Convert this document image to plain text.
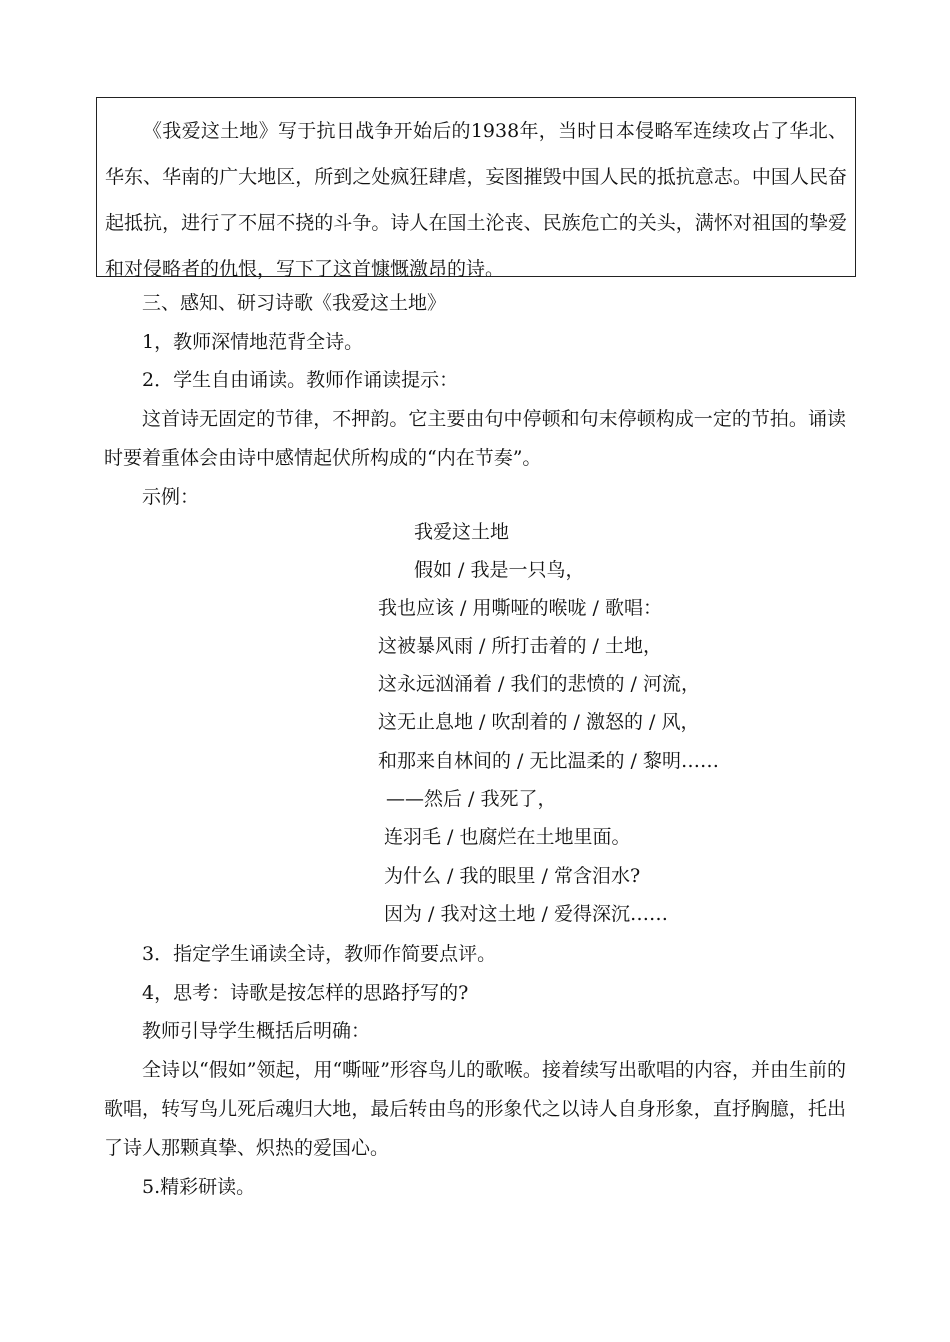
《我爱这土地》写于抗日战争开始后的1938年，当时日本侵略军连续攻占了华北、华东、华南的广大地区，所到之处疯狂肆虐，妄图摧毁中国人民的抵抗意志。中国人民奋 起抵抗，进行了不屈不挠的斗争。诗人在国土沦丧、民族危亡的关头，满怀对祖国的挚爱和对侵略者的仇恨，写下了这首慷慨激昂的诗。

三、感知、研习诗歌《我爱这土地》

1，教师深情地范背全诗。

2．学生自由诵读。教师作诵读提示：

这首诗无固定的节律，不押韵。它主要由句中停顿和句末停顿构成一定的节拍。诵读时要着重体会由诗中感情起伏所构成的“内在节奏”。

示例：

我爱这土地
假如 / 我是一只鸟，
我也应该 / 用嘶哑的喉咙 / 歌唱：
这被暴风雨 / 所打击着的 / 土地，
这永远汹涌着 / 我们的悲愤的 / 河流，
这无止息地 / 吹刮着的 / 激怒的 / 风，
和那来自林间的 / 无比温柔的 / 黎明……
——然后 / 我死了，
连羽毛 / 也腐烂在土地里面。
为什么 / 我的眼里 / 常含泪水?
因为 / 我对这土地 / 爱得深沉……

3．指定学生诵读全诗，教师作简要点评。

4，思考：诗歌是按怎样的思路抒写的?

教师引导学生概括后明确：

全诗以“假如”领起，用“嘶哑”形容鸟儿的歌喉。接着续写出歌唱的内容，并由生前的歌唱，转写鸟儿死后魂归大地，最后转由鸟的形象代之以诗人自身形象，直抒胸臆，托出了诗人那颗真挚、炽热的爱国心。

5.精彩研读。
